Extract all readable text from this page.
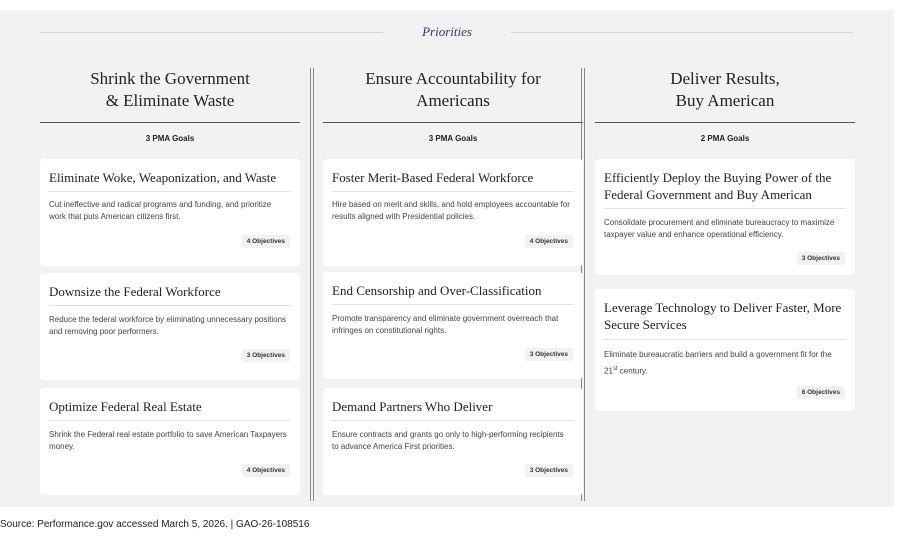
Priorities
Shrink the Government
& Eliminate Waste
3 PMA Goals
Ensure Accountability for
Americans
3 PMA Goals
Deliver Results,
Buy American
2 PMA Goals
Eliminate Woke, Weaponization, and Waste
Cut ineffective and radical programs and funding, and prioritize work that puts American citizens first.
4 Objectives
Downsize the Federal Workforce
Reduce the federal workforce by eliminating unnecessary positions and removing poor performers.
3 Objectives
Optimize Federal Real Estate
Shrink the Federal real estate portfolio to save American Taxpayers money.
4 Objectives
Foster Merit-Based Federal Workforce
Hire based on merit and skills, and hold employees accountable for results aligned with Presidential policies.
4 Objectives
End Censorship and Over-Classification
Promote transparency and eliminate government overreach that infringes on constitutional rights.
3 Objectives
Demand Partners Who Deliver
Ensure contracts and grants go only to high-performing recipients to advance America First priorities.
3 Objectives
Efficiently Deploy the Buying Power of the Federal Government and Buy American
Consolidate procurement and eliminate bureaucracy to maximize taxpayer value and enhance operational efficiency.
3 Objectives
Leverage Technology to Deliver Faster, More Secure Services
Eliminate bureaucratic barriers and build a government fit for the 21st century.
6 Objectives
Source: Performance.gov accessed March 5, 2026. | GAO-26-108516
